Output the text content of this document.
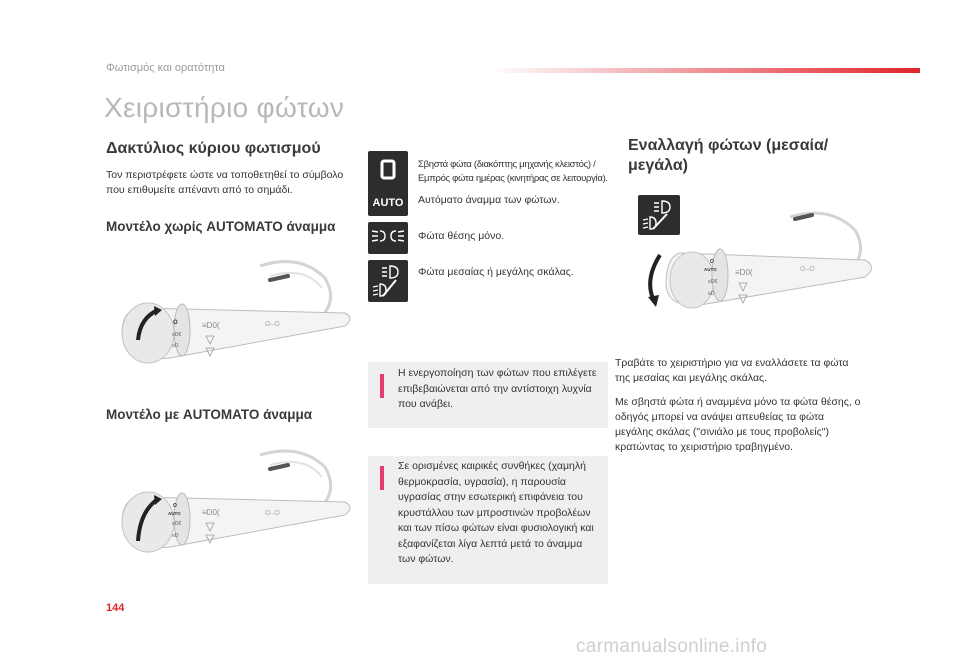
Φωτισμός και ορατότητα
Χειριστήριο φώτων
Δακτύλιος κύριου φωτισμού
Τον περιστρέφετε ώστε να τοποθετηθεί το σύμβολο που επιθυμείτε απέναντι από το σημάδι.
Μοντέλο χωρίς AUTOMATO άναμμα
O
≡D€
≡D
≡D0(	O–O
Μοντέλο με AUTOMATO άναμμα
O
AUTO
≡D€
≡D
≡D0(	O–O
Σβηστά φώτα (διακόπτης μηχανής κλειστός) / Εμπρός φώτα ημέρας (κινητήρας σε λειτουργία).
AUTO Αυτόματο άναμμα των φώτων.
Φώτα θέσης μόνο.
Φώτα μεσαίας ή μεγάλης σκάλας.
Η ενεργοποίηση των φώτων που επιλέγετε επιβεβαιώνεται από την αντίστοιχη λυχνία που ανάβει.
Σε ορισμένες καιρικές συνθήκες (χαμηλή θερμοκρασία, υγρασία), η παρουσία υγρασίας στην εσωτερική επιφάνεια του κρυστάλλου των μπροστινών προβολέων και των πίσω φώτων είναι φυσιολογική και εξαφανίζεται λίγα λεπτά μετά το άναμμα των φώτων.
Εναλλαγή φώτων (μεσαία/ μεγάλα)
O
AUTO
≡D€
≡D
≡D0(	O–O
Τραβάτε το χειριστήριο για να εναλλάσετε τα φώτα της μεσαίας και μεγάλης σκάλας.
Με σβηστά φώτα ή αναμμένα μόνο τα φώτα θέσης, ο οδηγός μπορεί να ανάψει απευθείας τα φώτα μεγάλης σκάλας ("σινιάλο με τους προβολείς") κρατώντας το χειριστήριο τραβηγμένο.
144
carmanualsonline.info
